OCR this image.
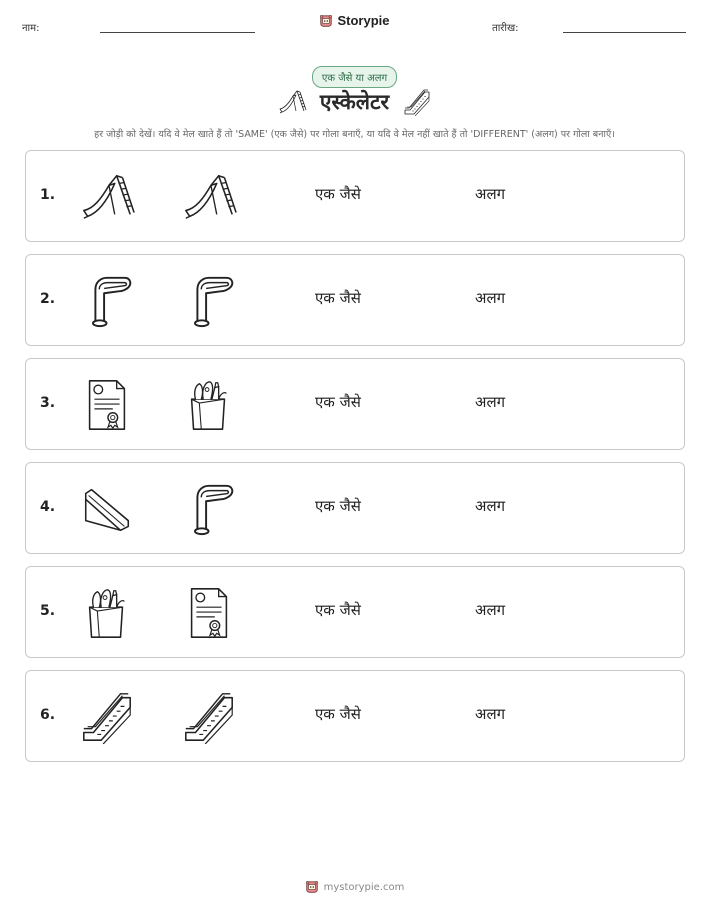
नाम:
Storypie
तारीख:
एक जैसे या अलग
एस्केलेटर
हर जोड़ी को देखें। यदि वे मेल खाते हैं तो 'SAME' (एक जैसे) पर गोला बनाएँ, या यदि वे मेल नहीं खाते हैं तो 'DIFFERENT' (अलग) पर गोला बनाएँ।
1.	एक जैसे	अलग
2.	एक जैसे	अलग
3.	एक जैसे	अलग
4.	एक जैसे	अलग
5.	एक जैसे	अलग
6.	एक जैसे	अलग
mystorypie.com
